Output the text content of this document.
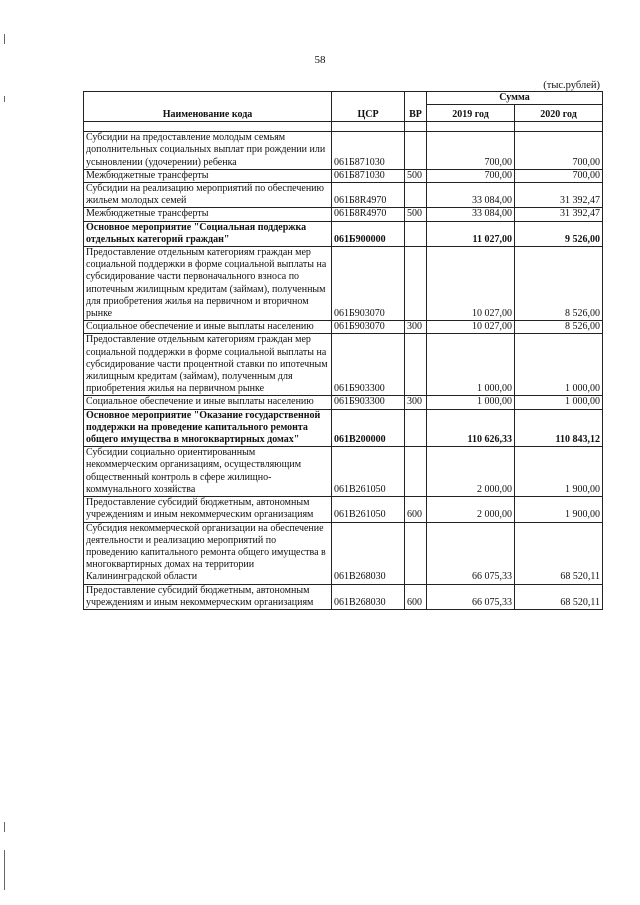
58
(тыс.рублей)
Наименование кода	ЦСР	ВР	Сумма	
			2019 год	2020 год

Субсидии на предоставление молодым семьям дополнительных социальных выплат при рождении или усыновлении (удочерении) ребенка	061Б871030		700,00	700,00
Межбюджетные трансферты	061Б871030	500	700,00	700,00
Субсидии на реализацию мероприятий по обеспечению жильем молодых семей	061Б8R4970		33 084,00	31 392,47
Межбюджетные трансферты	061Б8R4970	500	33 084,00	31 392,47
Основное мероприятие "Социальная поддержка отдельных категорий граждан"	061Б900000		11 027,00	9 526,00
Предоставление отдельным категориям граждан мер социальной поддержки в форме социальной выплаты на субсидирование части первоначального взноса по ипотечным жилищным кредитам (займам), полученным для приобретения жилья на первичном и вторичном рынке	061Б903070		10 027,00	8 526,00
Социальное обеспечение и иные выплаты населению	061Б903070	300	10 027,00	8 526,00
Предоставление отдельным категориям граждан мер социальной поддержки в форме социальной выплаты на субсидирование части процентной ставки по ипотечным жилищным кредитам (займам), полученным для приобретения жилья на первичном рынке	061Б903300		1 000,00	1 000,00
Социальное обеспечение и иные выплаты населению	061Б903300	300	1 000,00	1 000,00
Основное мероприятие "Оказание государственной поддержки на проведение капитального ремонта общего имущества в многоквартирных домах"	061В200000		110 626,33	110 843,12
Субсидии социально ориентированным некоммерческим организациям, осуществляющим общественный контроль в сфере жилищно-коммунального хозяйства	061В261050		2 000,00	1 900,00
Предоставление субсидий бюджетным, автономным учреждениям и иным некоммерческим организациям	061В261050	600	2 000,00	1 900,00
Субсидия некоммерческой организации на обеспечение деятельности и реализацию мероприятий по проведению капитального ремонта общего имущества в многоквартирных домах на территории Калининградской области	061В268030		66 075,33	68 520,11
Предоставление субсидий бюджетным, автономным учреждениям и иным некоммерческим организациям	061В268030	600	66 075,33	68 520,11
